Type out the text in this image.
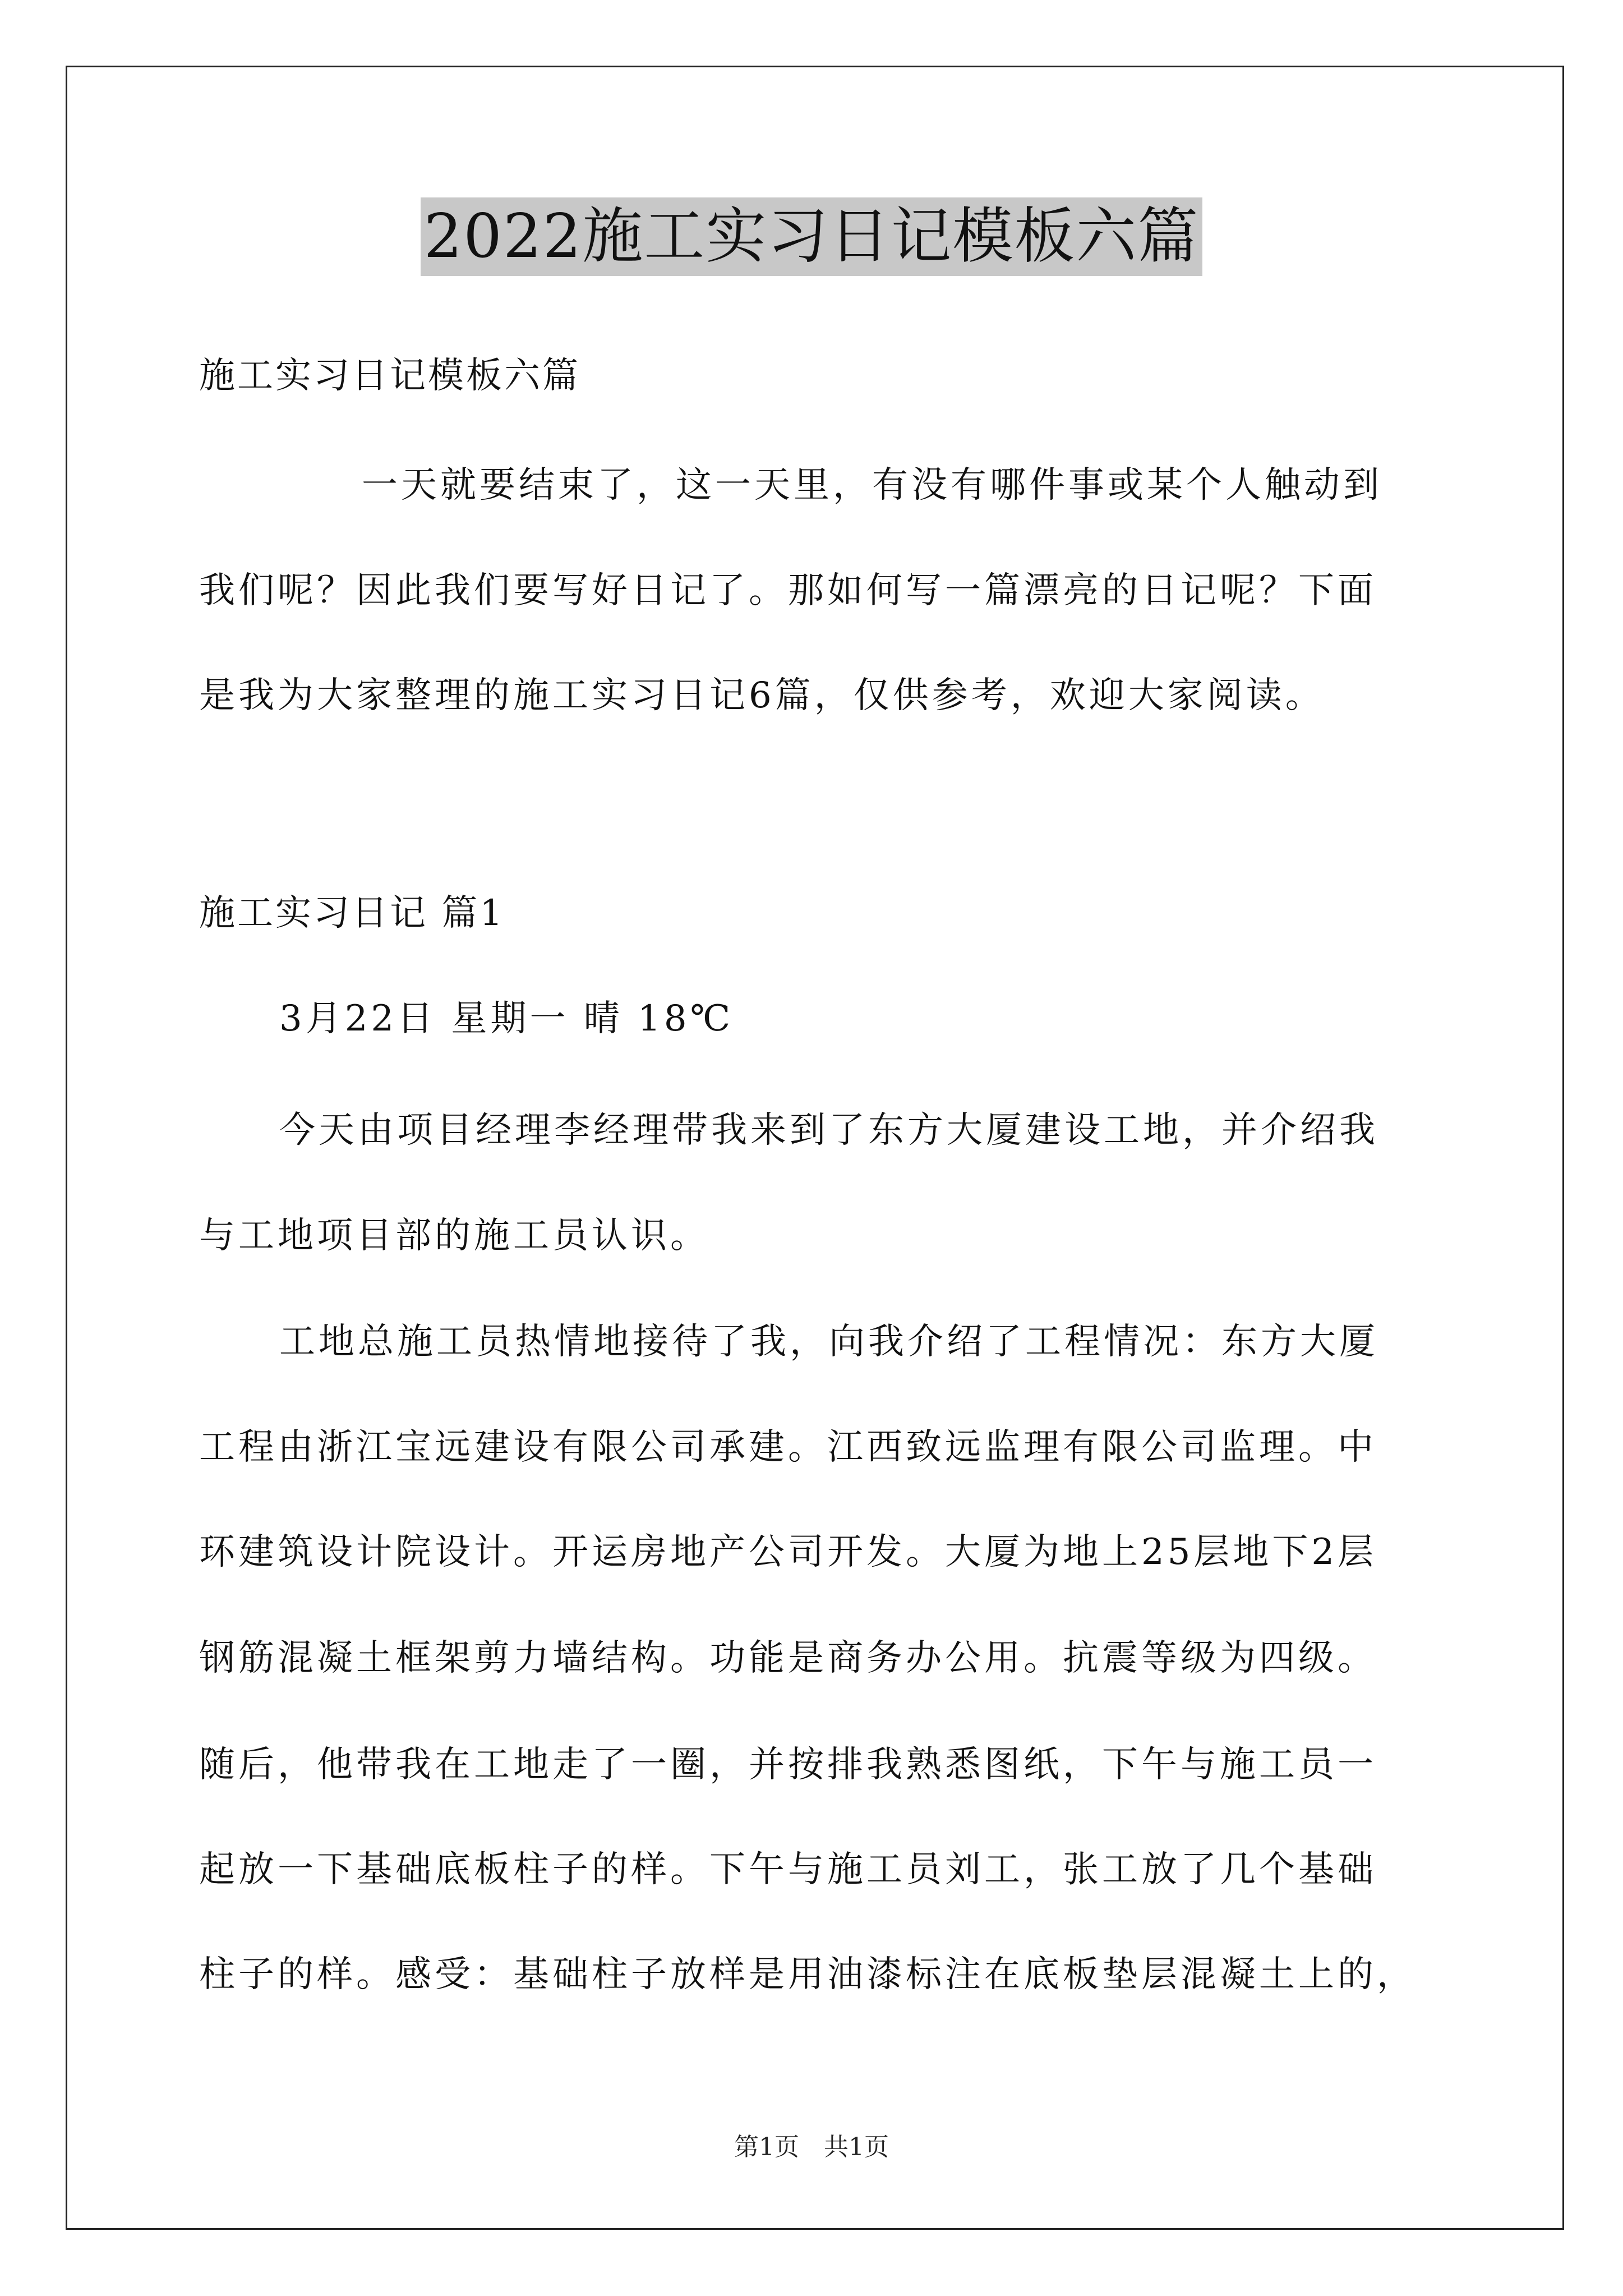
2022施工实习日记模板六篇
施工实习日记模板六篇
一天就要结束了，这一天里，有没有哪件事或某个人触动到
我们呢？因此我们要写好日记了。那如何写一篇漂亮的日记呢？下面
是我为大家整理的施工实习日记6篇，仅供参考，欢迎大家阅读。
施工实习日记 篇1
3月22日 星期一 晴 18℃
今天由项目经理李经理带我来到了东方大厦建设工地，并介绍我
与工地项目部的施工员认识。
工地总施工员热情地接待了我，向我介绍了工程情况：东方大厦
工程由浙江宝远建设有限公司承建。江西致远监理有限公司监理。中
环建筑设计院设计。开运房地产公司开发。大厦为地上25层地下2层
钢筋混凝土框架剪力墙结构。功能是商务办公用。抗震等级为四级。
随后，他带我在工地走了一圈，并按排我熟悉图纸，下午与施工员一
起放一下基础底板柱子的样。下午与施工员刘工，张工放了几个基础
柱子的样。感受：基础柱子放样是用油漆标注在底板垫层混凝土上的，
第1页　共1页
